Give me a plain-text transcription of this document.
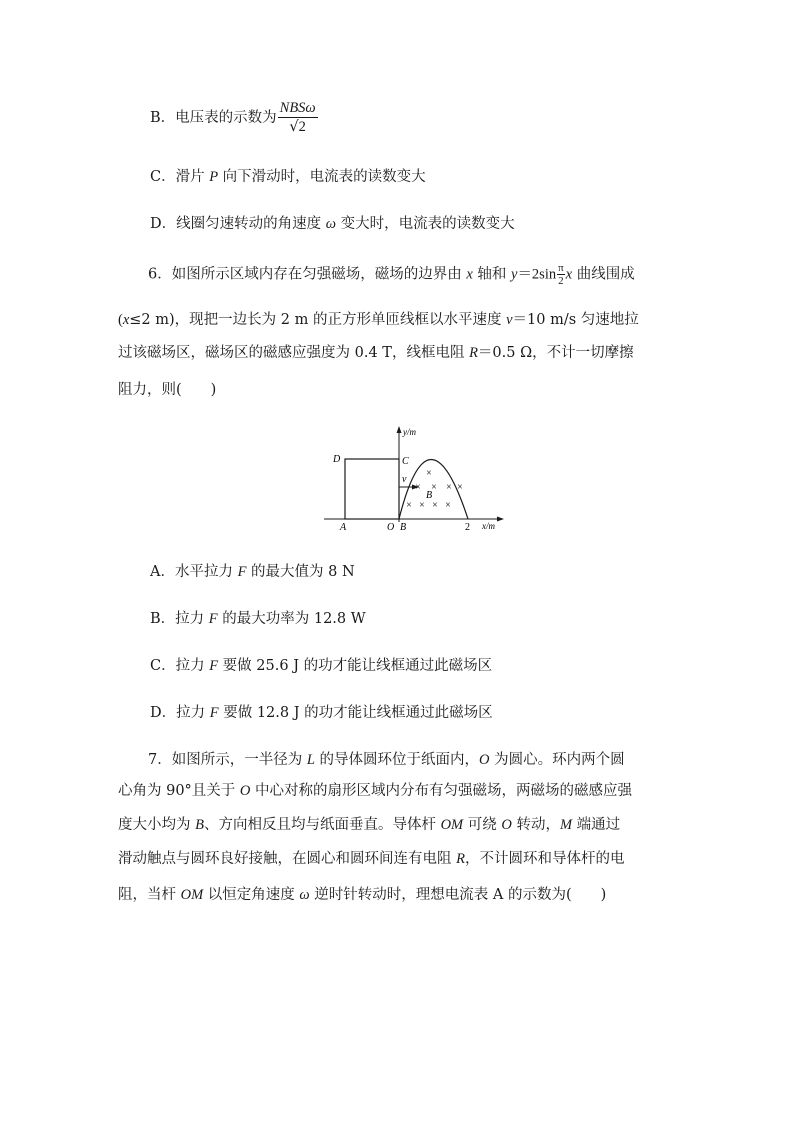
B．电压表的示数为 $\frac{\text{NBSω}}{√2}$
C．滑片 P 向下滑动时，电流表的读数变大
D．线圈匀速转动的角速度 ω 变大时，电流表的读数变大
6．如图所示区域内存在匀强磁场，磁场的边界由 x 轴和 $y=2\sin \frac{\pi}{2}$ x 曲线围成
(x≤2 m)，现把一边长为 2 m 的正方形单匝线框以水平速度 v＝10 m/s 匀速地拉
过该磁场区，磁场区的磁感应强度为 0.4 T，线框电阻 R＝0.5 Ω，不计一切摩擦
阻力，则(　　)
×
× × × ×
× × × ×
y/m
x/m
D	C
v
B
A	O B	2
A．水平拉力 F 的最大值为 8 N
B．拉力 F 的最大功率为 12.8 W
C．拉力 F 要做 25.6 J 的功才能让线框通过此磁场区
D．拉力 F 要做 12.8 J 的功才能让线框通过此磁场区
7．如图所示，一半径为 L 的导体圆环位于纸面内，O 为圆心。环内两个圆
心角为 90°且关于 O 中心对称的扇形区域内分布有匀强磁场，两磁场的磁感应强
度大小均为 B、方向相反且均与纸面垂直。导体杆 OM 可绕 O 转动，M 端通过
滑动触点与圆环良好接触，在圆心和圆环间连有电阻 R，不计圆环和导体杆的电
阻，当杆 OM 以恒定角速度 ω 逆时针转动时，理想电流表 A 的示数为(　　)
